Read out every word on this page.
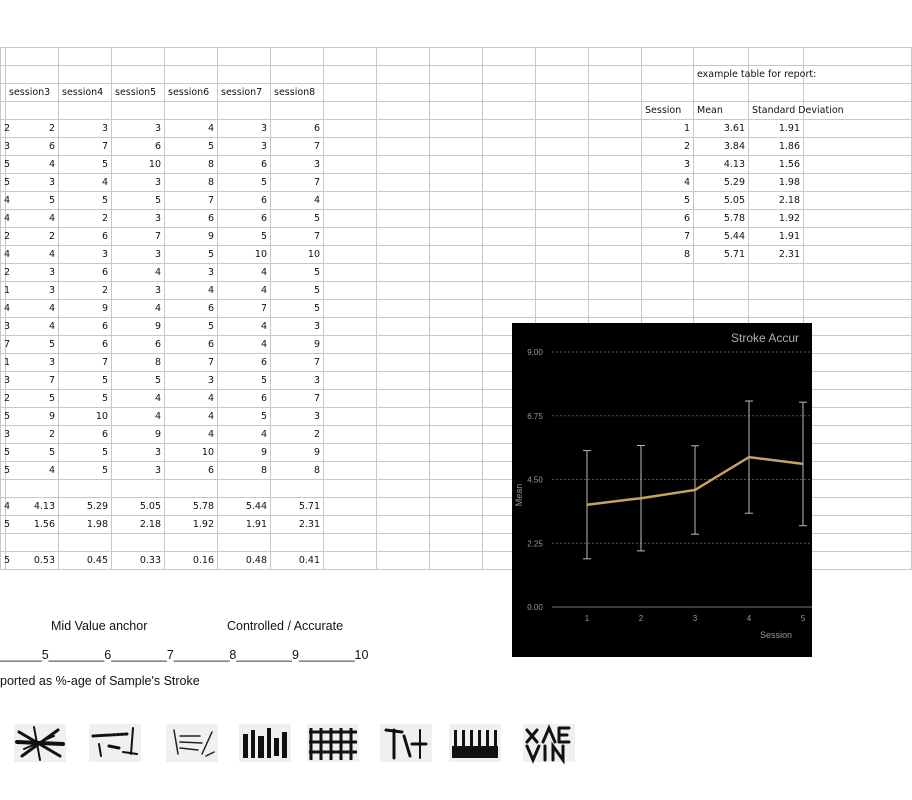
														example table for report:		
	session3	session4	session5	session6	session7	session8										
													Session	Mean	Standard Deviation	
2	2	3	3	4	3	6							1	3.61	1.91	
3	6	7	6	5	3	7							2	3.84	1.86	
5	4	5	10	8	6	3							3	4.13	1.56	
5	3	4	3	8	5	7							4	5.29	1.98	
4	5	5	5	7	6	4							5	5.05	2.18	
4	4	2	3	6	6	5							6	5.78	1.92	
2	2	6	7	9	5	7							7	5.44	1.91	
4	4	3	3	5	10	10							8	5.71	2.31	
2	3	6	4	3	4	5										
1	3	2	3	4	4	5										
4	4	9	4	6	7	5										
3	4	6	9	5	4	3										
7	5	6	6	6	4	9										
1	3	7	8	7	6	7										
3	7	5	5	3	5	3										
2	5	5	4	4	6	7										
5	9	10	4	4	5	3										
3	2	6	9	4	4	2										
5	5	5	3	10	9	9										
5	4	5	3	6	8	8										

4	4.13	5.29	5.05	5.78	5.44	5.71										
5	1.56	1.98	2.18	1.92	1.91	2.31										

5	0.53	0.45	0.33	0.16	0.48	0.41										
Stroke Accur
Mean
Session
0.00
2.25
4.50
6.75
9.00
1	2	3	4	5
Mid Value anchor	Controlled / Accurate
______5________6________7________8________9________10
ported as %-age of Sample's Stroke
